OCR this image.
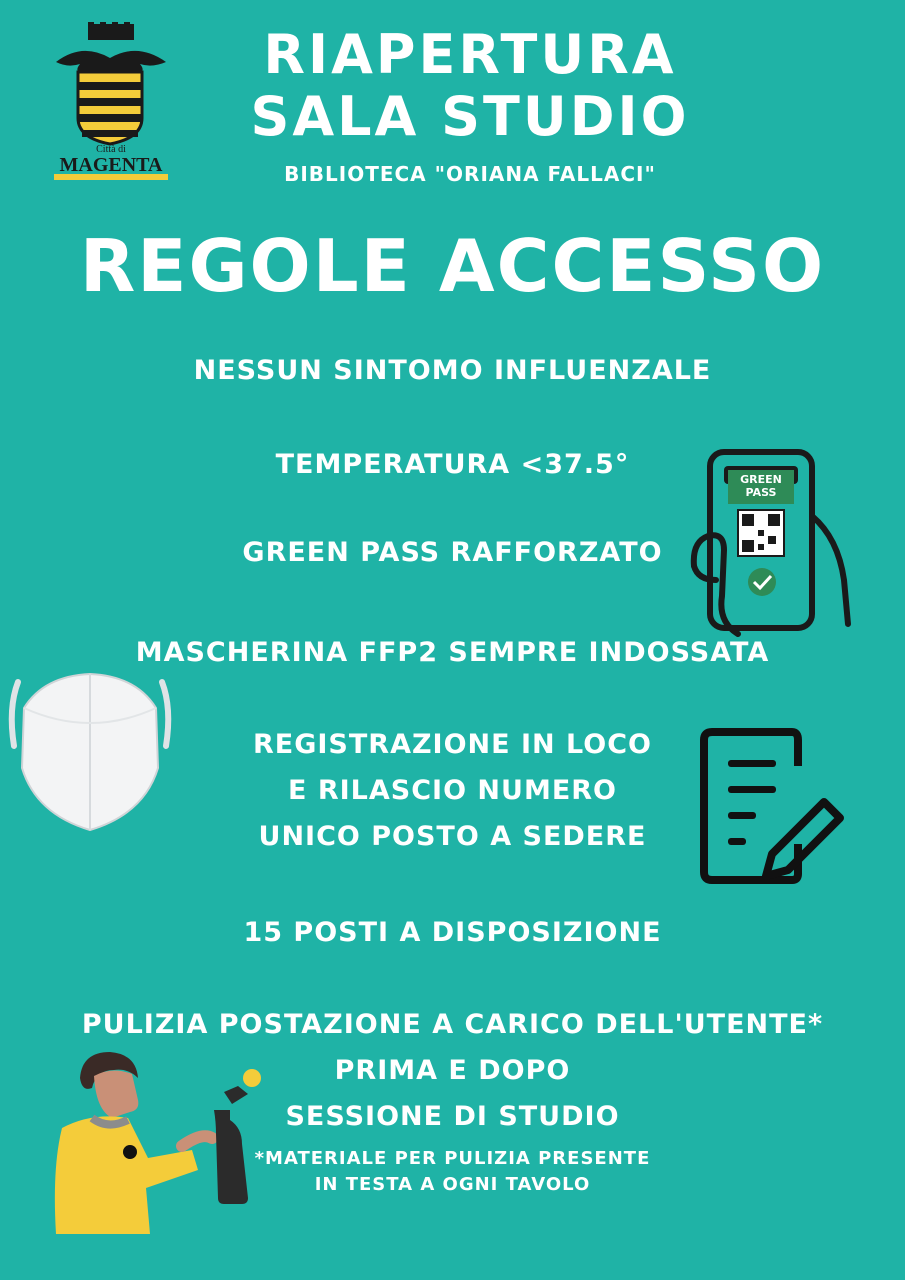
Città di
MAGENTA
RIAPERTURA
SALA STUDIO
BIBLIOTECA "ORIANA FALLACI"
REGOLE ACCESSO
NESSUN SINTOMO INFLUENZALE
TEMPERATURA <37.5°
GREEN PASS RAFFORZATO
MASCHERINA FFP2 SEMPRE INDOSSATA
REGISTRAZIONE IN LOCO
E RILASCIO NUMERO
UNICO POSTO A SEDERE
15 POSTI A DISPOSIZIONE
PULIZIA POSTAZIONE A CARICO DELL'UTENTE*
PRIMA E DOPO
SESSIONE DI STUDIO
*MATERIALE PER PULIZIA PRESENTE
IN TESTA A OGNI TAVOLO
GREEN
PASS
